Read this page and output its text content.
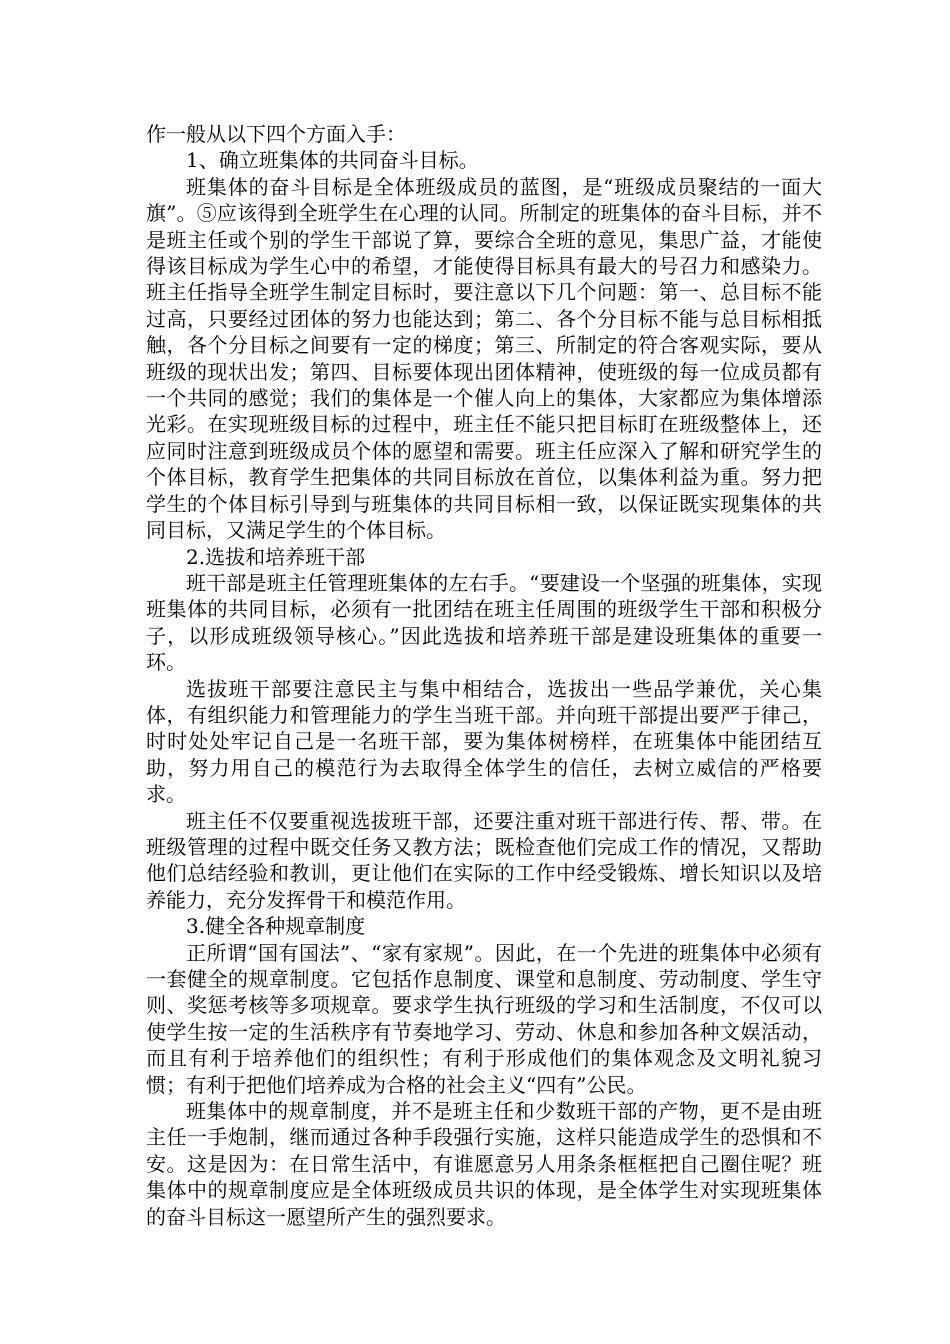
作一般从以下四个方面入手：

1、确立班集体的共同奋斗目标。

班集体的奋斗目标是全体班级成员的蓝图，是“班级成员聚结的一面大旗”。⑤应该得到全班学生在心理的认同。所制定的班集体的奋斗目标，并不是班主任或个别的学生干部说了算，要综合全班的意见，集思广益，才能使得该目标成为学生心中的希望，才能使得目标具有最大的号召力和感染力。班主任指导全班学生制定目标时，要注意以下几个问题：第一、总目标不能过高，只要经过团体的努力也能达到；第二、各个分目标不能与总目标相抵触，各个分目标之间要有一定的梯度；第三、所制定的符合客观实际，要从班级的现状出发；第四、目标要体现出团体精神，使班级的每一位成员都有一个共同的感觉；我们的集体是一个催人向上的集体，大家都应为集体增添光彩。在实现班级目标的过程中，班主任不能只把目标盯在班级整体上，还应同时注意到班级成员个体的愿望和需要。班主任应深入了解和研究学生的个体目标，教育学生把集体的共同目标放在首位，以集体利益为重。努力把学生的个体目标引导到与班集体的共同目标相一致，以保证既实现集体的共同目标，又满足学生的个体目标。

2.选拔和培养班干部

班干部是班主任管理班集体的左右手。“要建设一个坚强的班集体，实现班集体的共同目标，必须有一批团结在班主任周围的班级学生干部和积极分子，以形成班级领导核心。”因此选拔和培养班干部是建设班集体的重要一环。

选拔班干部要注意民主与集中相结合，选拔出一些品学兼优，关心集体，有组织能力和管理能力的学生当班干部。并向班干部提出要严于律己，时时处处牢记自己是一名班干部，要为集体树榜样，在班集体中能团结互助，努力用自己的模范行为去取得全体学生的信任，去树立威信的严格要求。

班主任不仅要重视选拔班干部，还要注重对班干部进行传、帮、带。在班级管理的过程中既交任务又教方法；既检查他们完成工作的情况，又帮助他们总结经验和教训，更让他们在实际的工作中经受锻炼、增长知识以及培养能力，充分发挥骨干和模范作用。

3.健全各种规章制度

正所谓“国有国法”、“家有家规”。因此，在一个先进的班集体中必须有一套健全的规章制度。它包括作息制度、课堂和息制度、劳动制度、学生守则、奖惩考核等多项规章。要求学生执行班级的学习和生活制度，不仅可以使学生按一定的生活秩序有节奏地学习、劳动、休息和参加各种文娱活动，而且有利于培养他们的组织性；有利于形成他们的集体观念及文明礼貌习惯；有利于把他们培养成为合格的社会主义“四有”公民。

班集体中的规章制度，并不是班主任和少数班干部的产物，更不是由班主任一手炮制，继而通过各种手段强行实施，这样只能造成学生的恐惧和不安。这是因为：在日常生活中，有谁愿意另人用条条框框把自己圈住呢？班集体中的规章制度应是全体班级成员共识的体现，是全体学生对实现班集体的奋斗目标这一愿望所产生的强烈要求。
